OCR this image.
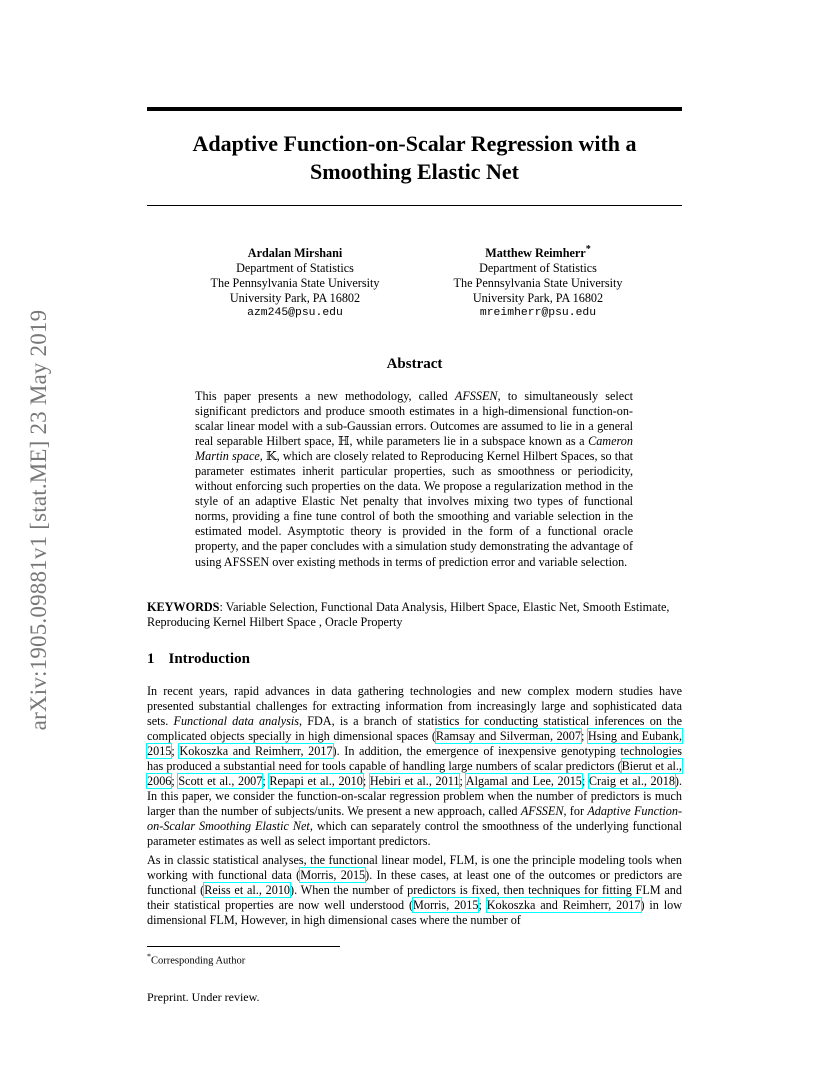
arXiv:1905.09881v1 [stat.ME] 23 May 2019
Adaptive Function-on-Scalar Regression with a Smoothing Elastic Net
Ardalan Mirshani
Department of Statistics
The Pennsylvania State University
University Park, PA 16802
azm245@psu.edu
Matthew Reimherr*
Department of Statistics
The Pennsylvania State University
University Park, PA 16802
mreimherr@psu.edu
Abstract
This paper presents a new methodology, called AFSSEN, to simultaneously select significant predictors and produce smooth estimates in a high-dimensional function-on-scalar linear model with a sub-Gaussian errors. Outcomes are assumed to lie in a general real separable Hilbert space, ℍ, while parameters lie in a subspace known as a Cameron Martin space, 𝕂, which are closely related to Reproducing Kernel Hilbert Spaces, so that parameter estimates inherit particular properties, such as smoothness or periodicity, without enforcing such properties on the data. We propose a regularization method in the style of an adaptive Elastic Net penalty that involves mixing two types of functional norms, providing a fine tune control of both the smoothing and variable selection in the estimated model. Asymptotic theory is provided in the form of a functional oracle property, and the paper concludes with a simulation study demonstrating the advantage of using AFSSEN over existing methods in terms of prediction error and variable selection.
KEYWORDS: Variable Selection, Functional Data Analysis, Hilbert Space, Elastic Net, Smooth Estimate, Reproducing Kernel Hilbert Space , Oracle Property
1 Introduction
In recent years, rapid advances in data gathering technologies and new complex modern studies have presented substantial challenges for extracting information from increasingly large and sophisticated data sets. Functional data analysis, FDA, is a branch of statistics for conducting statistical inferences on the complicated objects specially in high dimensional spaces (Ramsay and Silverman, 2007; Hsing and Eubank, 2015; Kokoszka and Reimherr, 2017). In addition, the emergence of inexpensive genotyping technologies has produced a substantial need for tools capable of handling large numbers of scalar predictors (Bierut et al., 2006; Scott et al., 2007; Repapi et al., 2010; Hebiri et al., 2011; Algamal and Lee, 2015; Craig et al., 2018). In this paper, we consider the function-on-scalar regression problem when the number of predictors is much larger than the number of subjects/units. We present a new approach, called AFSSEN, for Adaptive Function-on-Scalar Smoothing Elastic Net, which can separately control the smoothness of the underlying functional parameter estimates as well as select important predictors.
As in classic statistical analyses, the functional linear model, FLM, is one the principle modeling tools when working with functional data (Morris, 2015). In these cases, at least one of the outcomes or predictors are functional (Reiss et al., 2010). When the number of predictors is fixed, then techniques for fitting FLM and their statistical properties are now well understood (Morris, 2015; Kokoszka and Reimherr, 2017) in low dimensional FLM, However, in high dimensional cases where the number of
*Corresponding Author
Preprint. Under review.
